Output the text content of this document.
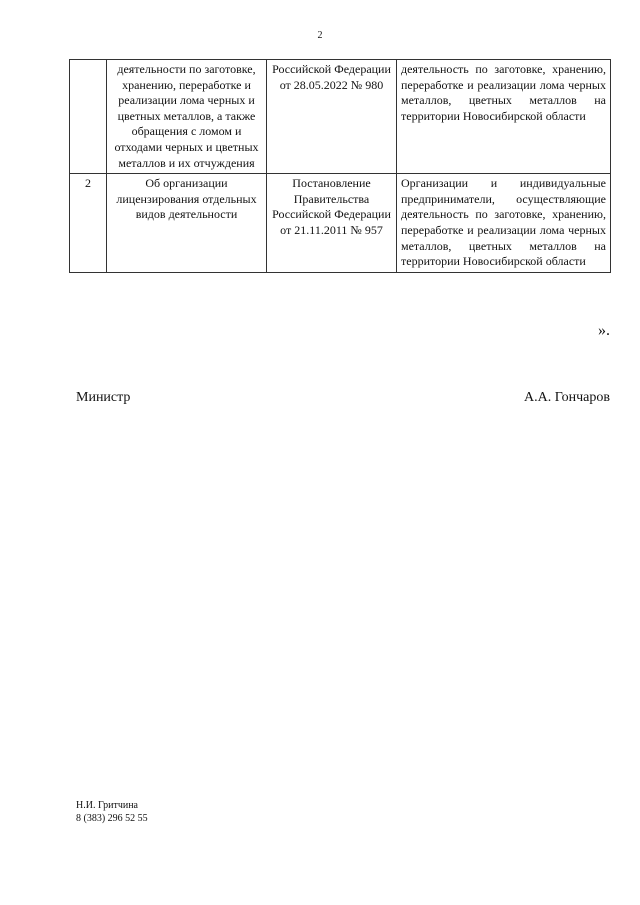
2
	деятельности по заготовке, хранению, переработке и реализации лома черных и цветных металлов, а также обращения с ломом и отходами черных и цветных металлов и их отчуждения	Российской Федерации от 28.05.2022 № 980	деятельность по заготовке, хранению, переработке и реализации лома черных металлов, цветных металлов на территории Новосибирской области
2	Об организации лицензирования отдельных видов деятельности	Постановление Правительства Российской Федерации от 21.11.2011 № 957	Организации и индивидуальные предприниматели, осуществляющие деятельность по заготовке, хранению, переработке и реализации лома черных металлов, цветных металлов на территории Новосибирской области
».
Министр	А.А. Гончаров
Н.И. Гритчина
8 (383) 296 52 55
